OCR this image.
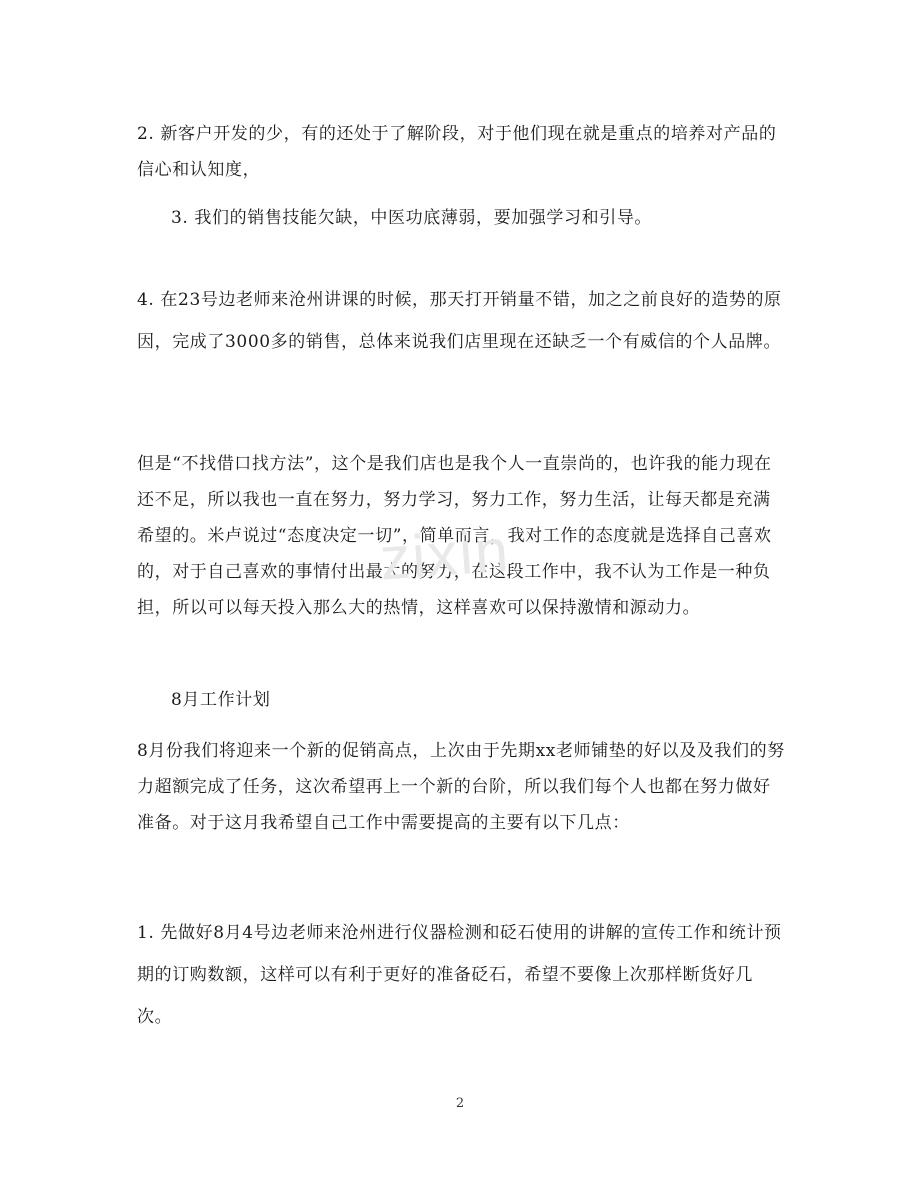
2. 新客户开发的少，有的还处于了解阶段，对于他们现在就是重点的培养对产品的信心和认知度，

3. 我们的销售技能欠缺，中医功底薄弱，要加强学习和引导。

4. 在23号边老师来沧州讲课的时候，那天打开销量不错，加之之前良好的造势的原因，完成了3000多的销售，总体来说我们店里现在还缺乏一个有威信的个人品牌。

但是“不找借口找方法”，这个是我们店也是我个人一直崇尚的，也许我的能力现在还不足，所以我也一直在努力，努力学习，努力工作，努力生活，让每天都是充满希望的。米卢说过“态度决定一切”，简单而言，我对工作的态度就是选择自己喜欢的，对于自己喜欢的事情付出最大的努力，在这段工作中，我不认为工作是一种负担，所以可以每天投入那么大的热情，这样喜欢可以保持激情和源动力。

8月工作计划

8月份我们将迎来一个新的促销高点，上次由于先期xx老师铺垫的好以及及我们的努力超额完成了任务，这次希望再上一个新的台阶，所以我们每个人也都在努力做好准备。对于这月我希望自己工作中需要提高的主要有以下几点：

1. 先做好8月4号边老师来沧州进行仪器检测和砭石使用的讲解的宣传工作和统计预期的订购数额，这样可以有利于更好的准备砭石，希望不要像上次那样断货好几次。

zixin
2
